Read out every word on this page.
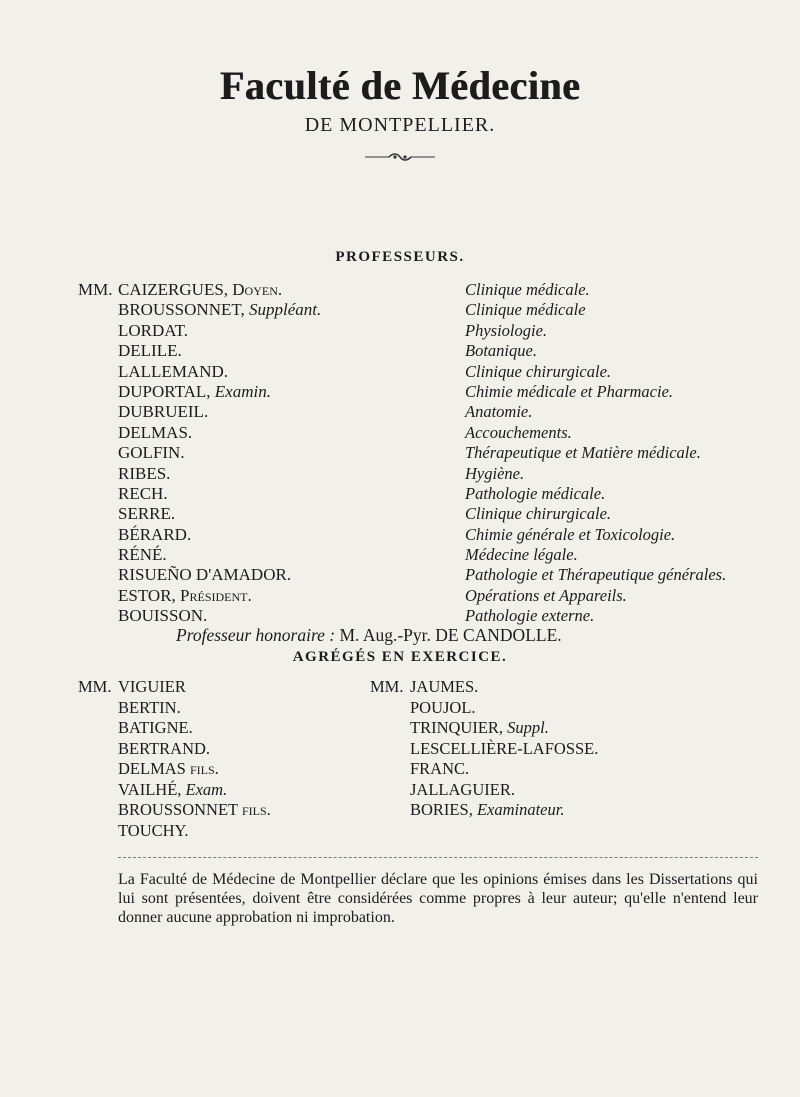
Faculté de Médecine
DE MONTPELLIER.
PROFESSEURS.
MM. CAIZERGUES, Doyen.	Clinique médicale.
BROUSSONNET, Suppléant.	Clinique médicale
LORDAT.	Physiologie.
DELILE.	Botanique.
LALLEMAND.	Clinique chirurgicale.
DUPORTAL, Examin.	Chimie médicale et Pharmacie.
DUBRUEIL.	Anatomie.
DELMAS.	Accouchements.
GOLFIN.	Thérapeutique et Matière médicale.
RIBES.	Hygiène.
RECH.	Pathologie médicale.
SERRE.	Clinique chirurgicale.
BÉRARD.	Chimie générale et Toxicologie.
RÉNÉ.	Médecine légale.
RISUEÑO D'AMADOR.	Pathologie et Thérapeutique générales.
ESTOR, Président.	Opérations et Appareils.
BOUISSON.	Pathologie externe.
Professeur honoraire : M. Aug.-Pyr. DE CANDOLLE.
AGRÉGÉS EN EXERCICE.
MM. VIGUIER
BERTIN.
BATIGNE.
BERTRAND.
DELMAS fils.
VAILHÉ, Exam.
BROUSSONNET fils.
TOUCHY.
MM. JAUMES.
POUJOL.
TRINQUIER, Suppl.
LESCELLIÈRE-LAFOSSE.
FRANC.
JALLAGUIER.
BORIES, Examinateur.
La Faculté de Médecine de Montpellier déclare que les opinions émises dans les Dissertations qui lui sont présentées, doivent être considérées comme propres à leur auteur; qu'elle n'entend leur donner aucune approbation ni improbation.
